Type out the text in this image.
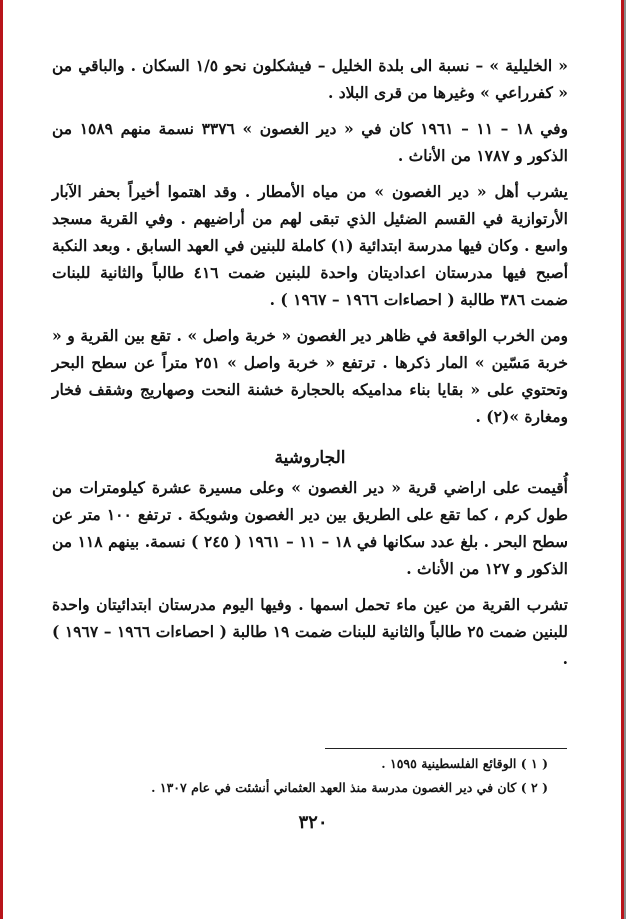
« الخليلية » – نسبة الى بلدة الخليل – فيشكلون نحو ١/٥ السكان . والباقي من « كفرراعي » وغيرها من قرى البلاد .

وفي ١٨ – ١١ – ١٩٦١ كان في « دير الغصون » ٣٣٧٦ نسمة منهم ١٥٨٩ من الذكور و ١٧٨٧ من الأناث .

يشرب أهل « دير الغصون » من مياه الأمطار . وقد اهتموا أخيراً بحفر الآبار الأرتوازية في القسم الضئيل الذي تبقى لهم من أراضيهم . وفي القرية مسجد واسع . وكان فيها مدرسة ابتدائية (١) كاملة للبنين في العهد السابق . وبعد النكبة أصبح فيها مدرستان اعداديتان واحدة للبنين ضمت ٤١٦ طالباً والثانية للبنات ضمت ٣٨٦ طالبة ( احصاءات ١٩٦٦ – ١٩٦٧ ) .

ومن الخرب الواقعة في ظاهر دير الغصون « خربة واصل » . تقع بين القرية و « خربة مَسّين » المار ذكرها . ترتفع « خربة واصل » ٢٥١ متراً عن سطح البحر وتحتوي على « بقايا بناء مداميكه بالحجارة خشنة النحت وصهاريج وشقف فخار ومغارة »(٢) .

الجاروشية

أُقيمت على اراضي قرية « دير الغصون » وعلى مسيرة عشرة كيلومترات من طول كرم ، كما تقع على الطريق بين دير الغصون وشويكة . ترتفع ١٠٠ متر عن سطح البحر . بلغ عدد سكانها في ١٨ – ١١ – ١٩٦١ ( ٢٤٥ ) نسمة. بينهم ١١٨ من الذكور و ١٢٧ من الأناث .

تشرب القرية من عين ماء تحمل اسمها . وفيها اليوم مدرستان ابتدائيتان واحدة للبنين ضمت ٢٥ طالباً والثانية للبنات ضمت ١٩ طالبة ( احصاءات ١٩٦٦ – ١٩٦٧ ) .

( ١ ) الوقائع الفلسطينية ١٥٩٥ .

( ٢ ) كان في دير الغصون مدرسة منذ العهد العثماني أنشئت في عام ١٣٠٧ .

٣٢٠
